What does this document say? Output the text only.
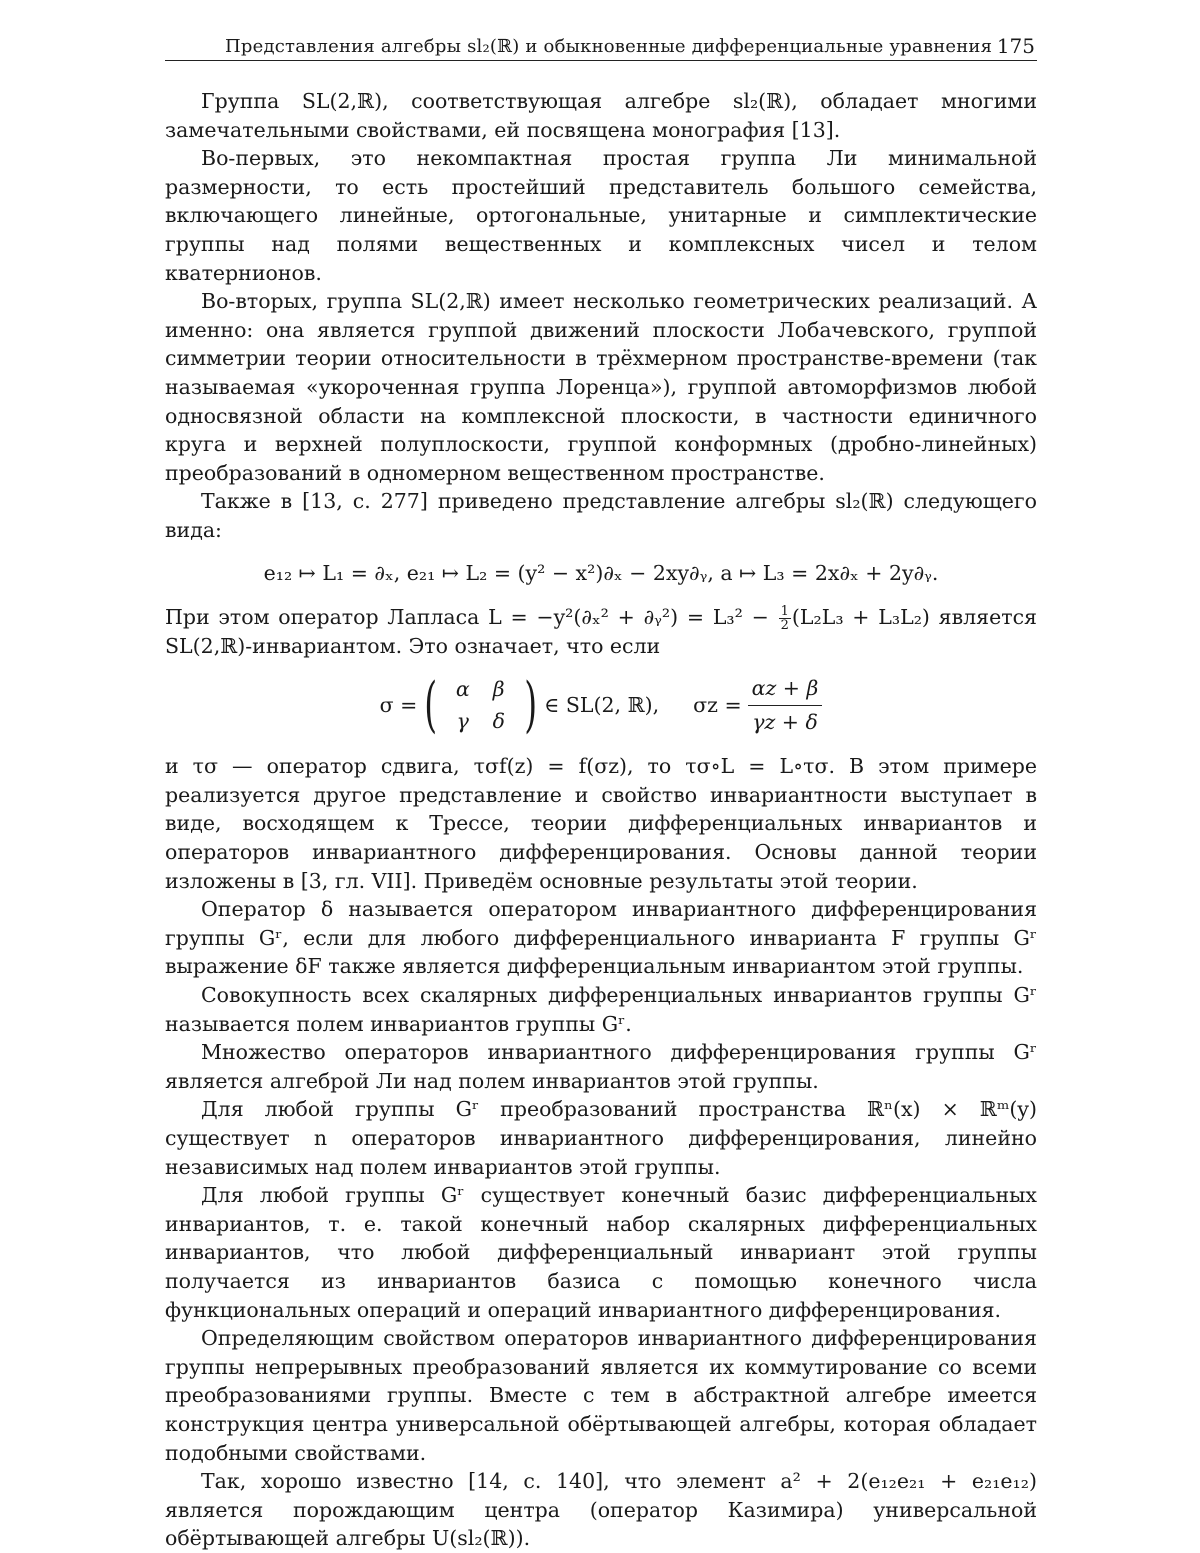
Представления алгебры sl₂(ℝ) и обыкновенные дифференциальные уравнения 175

Группа SL(2,ℝ), соответствующая алгебре sl₂(ℝ), обладает многими замечательными свойствами, ей посвящена монография [13].

Во-первых, это некомпактная простая группа Ли минимальной размерности, то есть простейший представитель большого семейства, включающего линейные, ортогональные, унитарные и симплектические группы над полями вещественных и комплексных чисел и телом кватернионов.

Во-вторых, группа SL(2,ℝ) имеет несколько геометрических реализаций. А именно: она является группой движений плоскости Лобачевского, группой симметрии теории относительности в трёхмерном пространстве-времени (так называемая «укороченная группа Лоренца»), группой автоморфизмов любой односвязной области на комплексной плоскости, в частности единичного круга и верхней полуплоскости, группой конформных (дробно-линейных) преобразований в одномерном вещественном пространстве.

Также в [13, с. 277] приведено представление алгебры sl₂(ℝ) следующего вида:

e₁₂ ↦ L₁ = ∂ₓ, e₂₁ ↦ L₂ = (y² − x²)∂ₓ − 2xy∂ᵧ, a ↦ L₃ = 2x∂ₓ + 2y∂ᵧ.

При этом оператор Лапласа L = −y²(∂ₓ² + ∂ᵧ²) = $L_3^2 - \frac{1}{2} (L_2L_3 + L_3L_2)$ является SL(2,ℝ)-инвариантом. Это означает, что если

σ = ( α	β
γ	δ ) ∈ SL(2, ℝ), $\sigma z = \frac{\alpha z + \beta}{\gamma z + \delta}$

и τσ — оператор сдвига, τσf(z) = f(σz), то τσ∘L = L∘τσ. В этом примере реализуется другое представление и свойство инвариантности выступает в виде, восходящем к Трессе, теории дифференциальных инвариантов и операторов инвариантного дифференцирования. Основы данной теории изложены в [3, гл. VII]. Приведём основные результаты этой теории.

Оператор δ называется оператором инвариантного дифференцирования группы Gʳ, если для любого дифференциального инварианта F группы Gʳ выражение δF также является дифференциальным инвариантом этой группы.

Совокупность всех скалярных дифференциальных инвариантов группы Gʳ называется полем инвариантов группы Gʳ.

Множество операторов инвариантного дифференцирования группы Gʳ является алгеброй Ли над полем инвариантов этой группы.

Для любой группы Gʳ преобразований пространства ℝⁿ(x) × ℝᵐ(y) существует n операторов инвариантного дифференцирования, линейно независимых над полем инвариантов этой группы.

Для любой группы Gʳ существует конечный базис дифференциальных инвариантов, т. е. такой конечный набор скалярных дифференциальных инвариантов, что любой дифференциальный инвариант этой группы получается из инвариантов базиса с помощью конечного числа функциональных операций и операций инвариантного дифференцирования.

Определяющим свойством операторов инвариантного дифференцирования группы непрерывных преобразований является их коммутирование со всеми преобразованиями группы. Вместе с тем в абстрактной алгебре имеется конструкция центра универсальной обёртывающей алгебры, которая обладает подобными свойствами.

Так, хорошо известно [14, с. 140], что элемент a² + 2(e₁₂e₂₁ + e₂₁e₁₂) является порождающим центра (оператор Казимира) универсальной обёртывающей алгебры U(sl₂(ℝ)).
